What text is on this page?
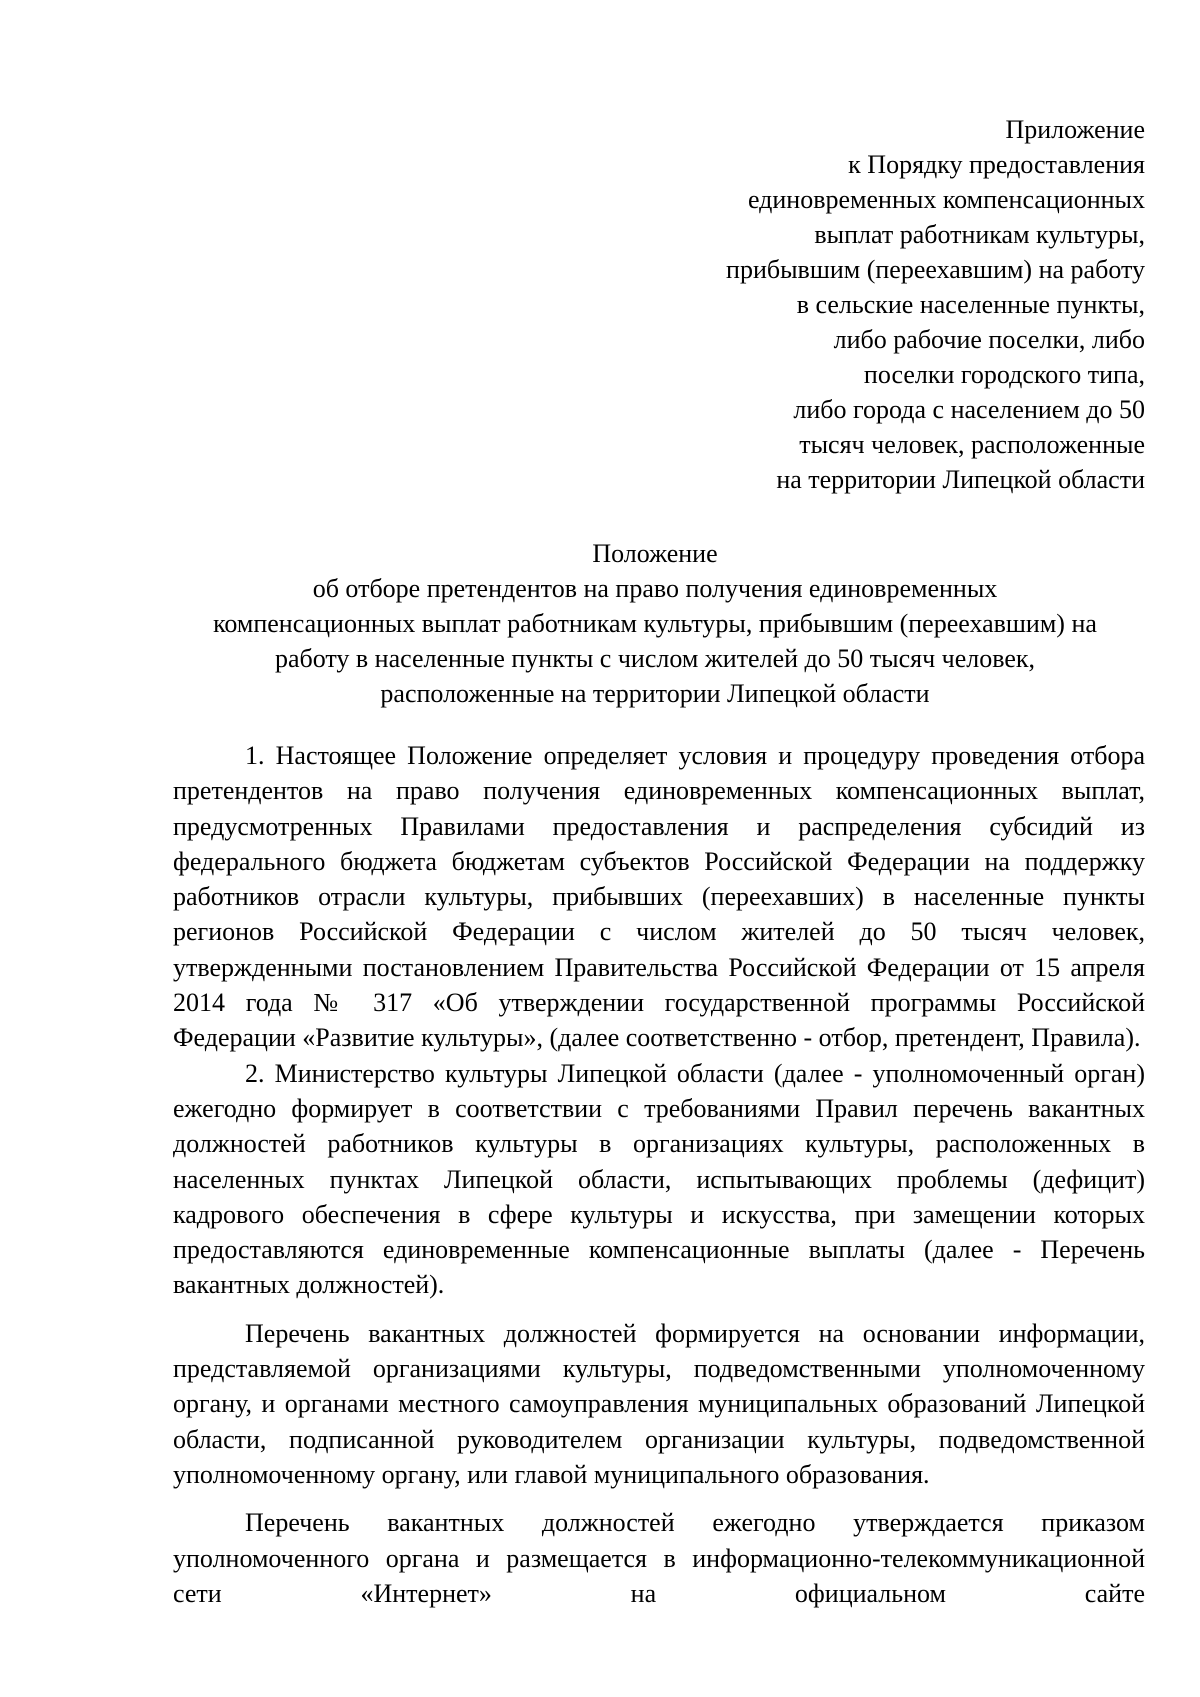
Приложение
к Порядку предоставления
единовременных компенсационных
выплат работникам культуры,
прибывшим (переехавшим) на работу
в сельские населенные пункты,
либо рабочие поселки, либо
поселки городского типа,
либо города с населением до 50
тысяч человек, расположенные
на территории Липецкой области
Положение
об отборе претендентов на право получения единовременных
компенсационных выплат работникам культуры, прибывшим (переехавшим) на
работу в населенные пункты с числом жителей до 50 тысяч человек,
расположенные на территории Липецкой области

1. Настоящее Положение определяет условия и процедуру проведения отбора претендентов на право получения единовременных компенсационных выплат, предусмотренных Правилами предоставления и распределения субсидий из федерального бюджета бюджетам субъектов Российской Федерации на поддержку работников отрасли культуры, прибывших (переехавших) в населенные пункты регионов Российской Федерации с числом жителей до 50 тысяч человек, утвержденными постановлением Правительства Российской Федерации от 15 апреля 2014 года № 317 «Об утверждении государственной программы Российской Федерации «Развитие культуры», (далее соответственно - отбор, претендент, Правила).

2. Министерство культуры Липецкой области (далее - уполномоченный орган) ежегодно формирует в соответствии с требованиями Правил перечень вакантных должностей работников культуры в организациях культуры, расположенных в населенных пунктах Липецкой области, испытывающих проблемы (дефицит) кадрового обеспечения в сфере культуры и искусства, при замещении которых предоставляются единовременные компенсационные выплаты (далее - Перечень вакантных должностей).

Перечень вакантных должностей формируется на основании информации, представляемой организациями культуры, подведомственными уполномоченному органу, и органами местного самоуправления муниципальных образований Липецкой области, подписанной руководителем организации культуры, подведомственной уполномоченному органу, или главой муниципального образования.

Перечень вакантных должностей ежегодно утверждается приказом уполномоченного органа и размещается в информационно-телекоммуникационной сети «Интернет» на официальном сайте
